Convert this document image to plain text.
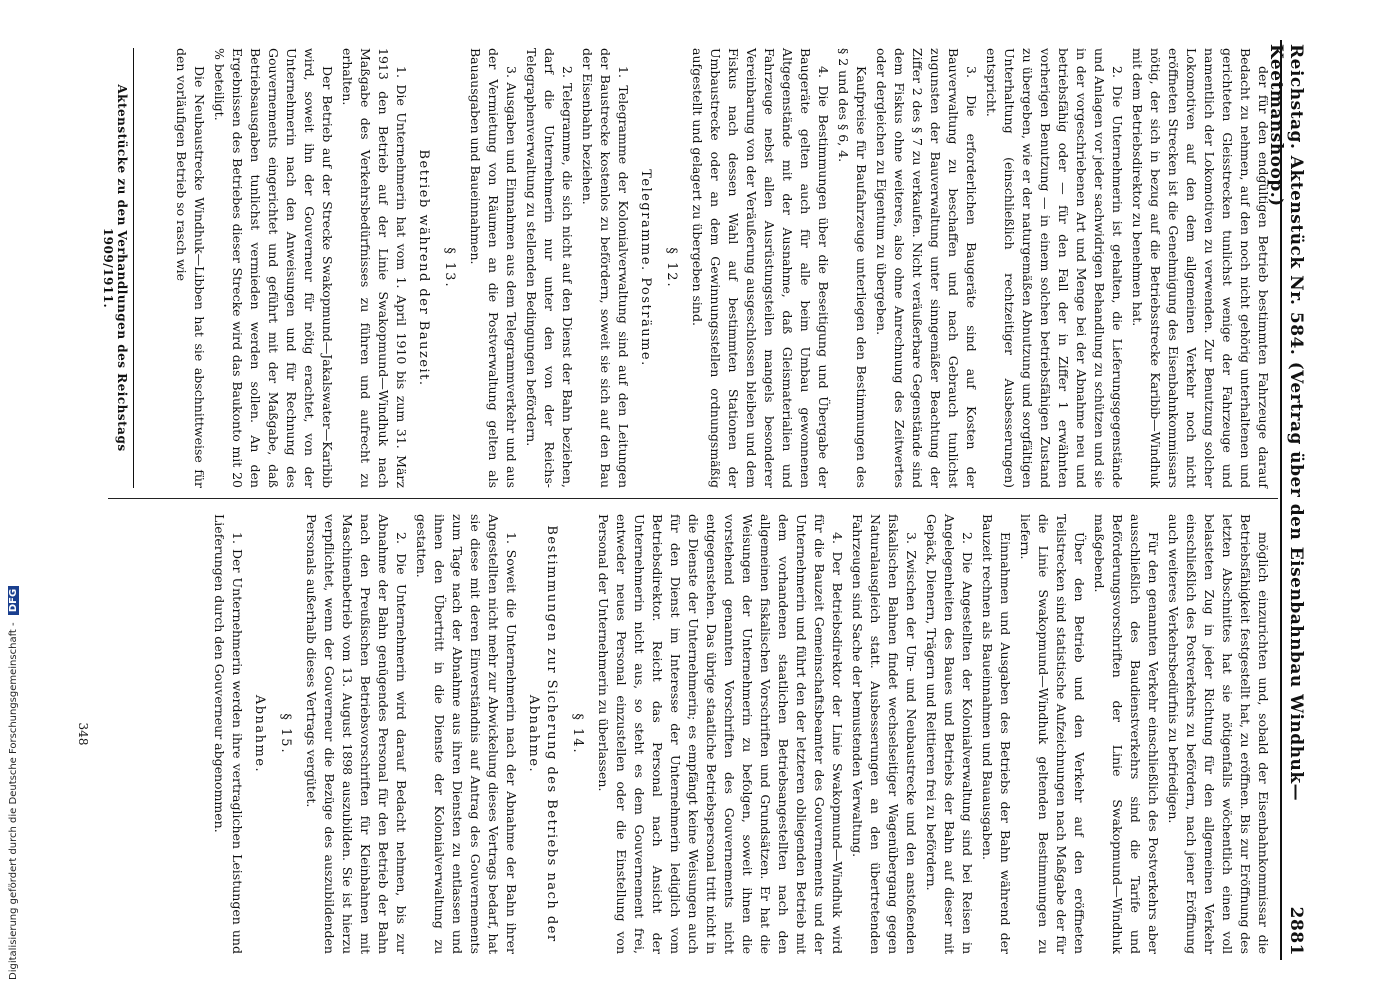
Reichstag. Aktenstück Nr. 584. (Vertrag über den Eisenbahnbau Windhuk—Keetmanshoop.)
2881

der für den endgültigen Betrieb bestimmten Fahrzeuge darauf Bedacht zu nehmen, auf den noch nicht gehörig unterhaltenen und gerichteten Gleisstrecken tunlichst wenige der Fahrzeuge und namentlich der Lokomotiven zu verwenden. Zur Benutzung solcher Lokomotiven auf den dem allgemeinen Verkehr noch nicht eröffneten Strecken ist die Genehmigung des Eisenbahnkommissars nötig, der sich in bezug auf die Betriebsstrecke Karibib—Windhuk mit dem Betriebsdirektor zu benehmen hat.

2. Die Unternehmerin ist gehalten, die Lieferungsgegenstände und Anlagen vor jeder sachwidrigen Behandlung zu schützen und sie in der vorgeschriebenen Art und Menge bei der Abnahme neu und betriebsfähig oder — für den Fall der in Ziffer 1 erwähnten vorherigen Benutzung — in einem solchen betriebsfähigen Zustand zu übergeben, wie er der naturgemäßen Abnutzung und sorgfältigen Unterhaltung (einschließlich rechtzeitiger Ausbesserungen) entspricht.

3. Die erforderlichen Baugeräte sind auf Kosten der Bauverwaltung zu beschaffen und nach Gebrauch tunlichst zugunsten der Bauverwaltung unter sinngemäßer Beachtung der Ziffer 2 des § 7 zu verkaufen. Nicht veräußerbare Gegenstände sind dem Fiskus ohne weiteres, also ohne Anrechnung des Zeitwertes oder dergleichen zu Eigentum zu übergeben.

Kaufpreise für Baufahrzeuge unterliegen den Bestimmungen des § 2 und des § 6, 4.

4. Die Bestimmungen über die Beseitigung und Übergabe der Baugeräte gelten auch für alle beim Umbau gewonnenen Altgegenstände mit der Ausnahme, daß Gleismaterialien und Fahrzeuge nebst allen Ausrüstungsteilen mangels besonderer Vereinbarung von der Veräußerung ausgeschlossen bleiben und dem Fiskus nach dessen Wahl auf bestimmten Stationen der Umbaustrecke oder an dem Gewinnungsstellen ordnungsmäßig aufgestellt und gelagert zu übergeben sind.

§ 12.

Telegramme. Posträume.

1. Telegramme der Kolonialverwaltung sind auf den Leitungen der Baustrecke kostenlos zu befördern, soweit sie sich auf den Bau der Eisenbahn beziehen.

2. Telegramme, die sich nicht auf den Dienst der Bahn beziehen, darf die Unternehmerin nur unter den von der Reichs-Telegraphenverwaltung zu stellenden Bedingungen befördern.

3. Ausgaben und Einnahmen aus dem Telegrammverkehr und aus der Vermietung von Räumen an die Postverwaltung gelten als Bauausgaben und Baueinnahmen.

§ 13.

Betrieb während der Bauzeit.

1. Die Unternehmerin hat vom 1. April 1910 bis zum 31. März 1913 den Betrieb auf der Linie Swakopmund—Windhuk nach Maßgabe des Verkehrsbedürfnisses zu führen und aufrecht zu erhalten.

Der Betrieb auf der Strecke Swakopmund—Jakalswater—Karibib wird, soweit ihn der Gouverneur für nötig erachtet, von der Unternehmerin nach den Anweisungen und für Rechnung des Gouvernements eingerichtet und geführt mit der Maßgabe, daß Betriebsausgaben tunlichst vermieden werden sollen. An den Ergebnissen des Betriebes dieser Strecke wird das Baukonto mit 20 % beteiligt.

Die Neubaustrecke Windhuk—Libben hat sie abschnittweise für den vorläufigen Betrieb so rasch wie

möglich einzurichten und, sobald der Eisenbahnkommissar die Betriebsfähigkeit festgestellt hat, zu eröffnen. Bis zur Eröffnung des letzten Abschnittes hat sie nötigenfalls wöchentlich einen voll belasteten Zug in jeder Richtung für den allgemeinen Verkehr einschließlich des Postverkehrs zu befördern, nach jener Eröffnung auch weiteres Verkehrsbedürfnis zu befriedigen.

Für den genannten Verkehr einschließlich des Postverkehrs aber ausschließlich des Baudienstverkehrs sind die Tarife und Beförderungsvorschriften der Linie Swakopmund—Windhuk maßgebend.

Über den Betrieb und den Verkehr auf den eröffneten Teilstrecken sind statistische Aufzeichnungen nach Maßgabe der für die Linie Swakopmund—Windhuk geltenden Bestimmungen zu liefern.

Einnahmen und Ausgaben des Betriebs der Bahn während der Bauzeit rechnen als Baueinnahmen und Bauausgaben.

2. Die Angestellten der Kolonialverwaltung sind bei Reisen in Angelegenheiten des Baues und Betriebs der Bahn auf dieser mit Gepäck, Dienern, Trägern und Reittieren frei zu befördern.

3. Zwischen der Um- und Neubaustrecke und den anstoßenden fiskalischen Bahnen findet wechselseitiger Wagenübergang gegen Naturalausgleich statt. Ausbesserungen an den übertretenden Fahrzeugen sind Sache der bemustenden Verwaltung.

4. Der Betriebsdirektor der Linie Swakopmund—Windhuk wird für die Bauzeit Gemeinschaftsbeamter des Gouvernements und der Unternehmerin und führt den der letzteren obliegenden Betrieb mit dem vorhandenen staatlichen Betriebsangestellten nach den allgemeinen fiskalischen Vorschriften und Grundsätzen. Er hat die Weisungen der Unternehmerin zu befolgen, soweit ihnen die vorstehend genannten Vorschriften des Gouvernements nicht entgegenstehen. Das übrige staatliche Betriebspersonal tritt nicht in die Dienste der Unternehmerin; es empfängt keine Weisungen auch für den Dienst im Interesse der Unternehmerin lediglich vom Betriebsdirektor. Reicht das Personal nach Ansicht der Unternehmerin nicht aus, so steht es dem Gouvernement frei, entweder neues Personal einzustellen oder die Einstellung von Personal der Unternehmerin zu überlassen.

§ 14.

Bestimmungen zur Sicherung des Betriebs nach der Abnahme.

1. Soweit die Unternehmerin nach der Abnahme der Bahn ihrer Angestellten nicht mehr zur Abwickelung dieses Vertrags bedarf, hat sie diese mit deren Einverständnis auf Antrag des Gouvernements zum Tage nach der Abnahme aus ihren Diensten zu entlassen und ihnen den Übertritt in die Dienste der Kolonialverwaltung zu gestatten.

2. Die Unternehmerin wird darauf Bedacht nehmen, bis zur Abnahme der Bahn genügendes Personal für den Betrieb der Bahn nach den Preußischen Betriebsvorschriften für Kleinbahnen mit Maschinenbetrieb vom 13. August 1898 auszubilden. Sie ist hierzu verpflichtet, wenn der Gouverneur die Bezüge des auszubildenden Personals außerhalb dieses Vertrags vergütet.

§ 15.

Abnahme.

1. Der Unternehmerin werden ihre vertraglichen Leistungen und Lieferungen durch den Gouverneur abgenommen.

Aktenstücke zu den Verhandlungen des Reichstags 1909/1911.
348
Digitalisierung gefördert durch die Deutsche Forschungsgemeinschaft - DFG
